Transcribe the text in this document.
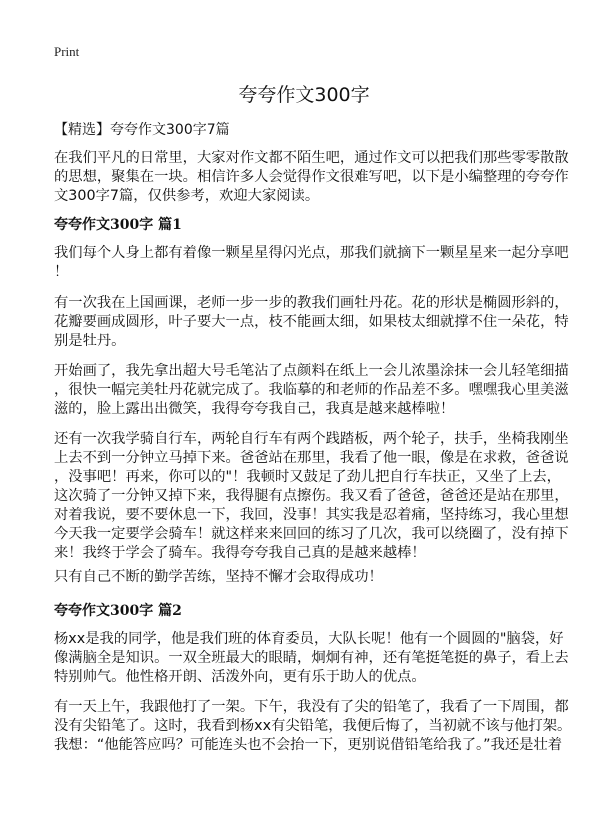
Print
夸夸作文300字
【精选】夸夸作文300字7篇
在我们平凡的日常里，大家对作文都不陌生吧，通过作文可以把我们那些零零散散
的思想，聚集在一块。相信许多人会觉得作文很难写吧，以下是小编整理的夸夸作
文300字7篇，仅供参考，欢迎大家阅读。
夸夸作文300字 篇1
我们每个人身上都有着像一颗星星得闪光点，那我们就摘下一颗星星来一起分享吧
！
有一次我在上国画课，老师一步一步的教我们画牡丹花。花的形状是椭圆形斜的，
花瓣要画成圆形，叶子要大一点，枝不能画太细，如果枝太细就撑不住一朵花，特
别是牡丹。
开始画了，我先拿出超大号毛笔沾了点颜料在纸上一会儿浓墨涂抹一会儿轻笔细描
，很快一幅完美牡丹花就完成了。我临摹的和老师的作品差不多。嘿嘿我心里美滋
滋的，脸上露出出微笑，我得夸夸我自己，我真是越来越棒啦！
还有一次我学骑自行车，两轮自行车有两个践踏板，两个轮子，扶手，坐椅我刚坐
上去不到一分钟立马掉下来。爸爸站在那里，我看了他一眼，像是在求救，爸爸说
，没事吧！再来，你可以的"！我顿时又鼓足了劲儿把自行车扶正，又坐了上去，
这次骑了一分钟又掉下来，我得腿有点擦伤。我又看了爸爸，爸爸还是站在那里，
对着我说，要不要休息一下，我回，没事！其实我是忍着痛，坚持练习，我心里想
今天我一定要学会骑车！就这样来来回回的练习了几次，我可以绕圈了，没有掉下
来！我终于学会了骑车。我得夸夸我自己真的是越来越棒！
只有自己不断的勤学苦练，坚持不懈才会取得成功！
夸夸作文300字 篇2
杨xx是我的同学，他是我们班的体育委员，大队长呢！他有一个圆圆的"脑袋，好
像满脑全是知识。一双全班最大的眼睛，炯炯有神，还有笔挺笔挺的鼻子，看上去
特别帅气。他性格开朗、活泼外向，更有乐于助人的优点。
有一天上午，我跟他打了一架。下午，我没有了尖的铅笔了，我看了一下周围，都
没有尖铅笔了。这时，我看到杨xx有尖铅笔，我便后悔了，当初就不该与他打架。
我想：“他能答应吗？可能连头也不会抬一下，更别说借铅笔给我了。”我还是壮着
